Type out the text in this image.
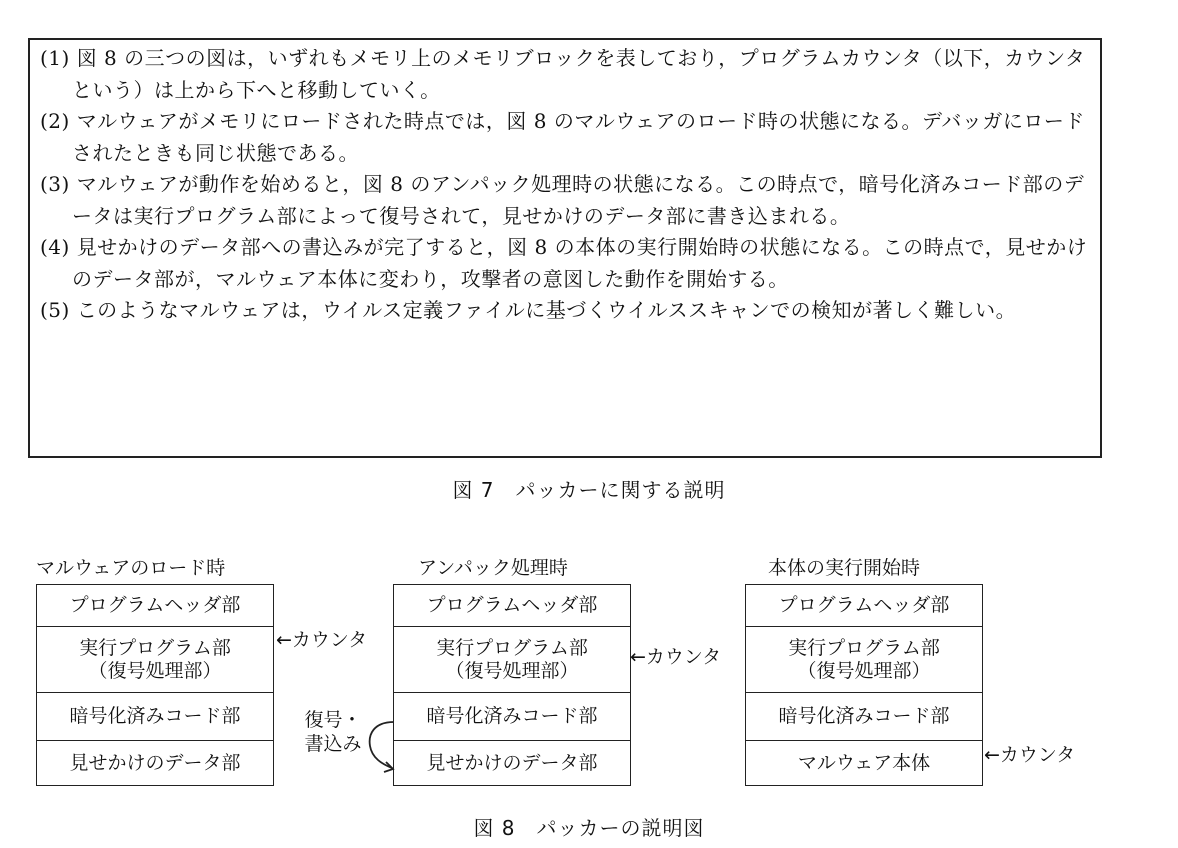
(1) 図 8 の三つの図は，いずれもメモリ上のメモリブロックを表しており，プログラムカウンタ（以下，カウンタという）は上から下へと移動していく。
(2) マルウェアがメモリにロードされた時点では，図 8 のマルウェアのロード時の状態になる。デバッガにロードされたときも同じ状態である。
(3) マルウェアが動作を始めると，図 8 のアンパック処理時の状態になる。この時点で，暗号化済みコード部のデータは実行プログラム部によって復号されて，見せかけのデータ部に書き込まれる。
(4) 見せかけのデータ部への書込みが完了すると，図 8 の本体の実行開始時の状態になる。この時点で，見せかけのデータ部が，マルウェア本体に変わり，攻撃者の意図した動作を開始する。
(5) このようなマルウェアは，ウイルス定義ファイルに基づくウイルススキャンでの検知が著しく難しい。
図 7　パッカーに関する説明
マルウェアのロード時
プログラムヘッダ部
実行プログラム部
（復号処理部）
暗号化済みコード部
見せかけのデータ部
←カウンタ
アンパック処理時
プログラムヘッダ部
実行プログラム部
（復号処理部）
暗号化済みコード部
見せかけのデータ部
←カウンタ
復号・
書込み
本体の実行開始時
プログラムヘッダ部
実行プログラム部
（復号処理部）
暗号化済みコード部
マルウェア本体	←カウンタ
図 8　パッカーの説明図
